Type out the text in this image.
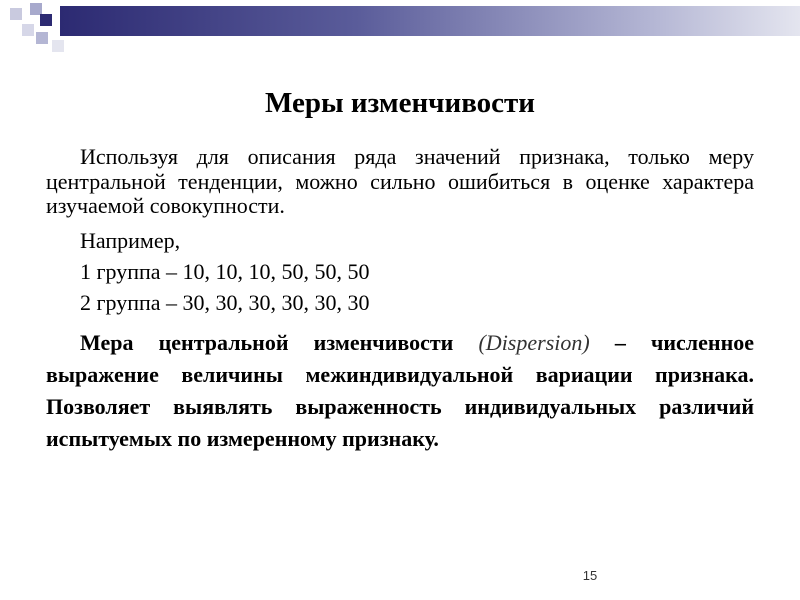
Меры изменчивости

Используя для описания ряда значений признака, только меру центральной тенденции, можно сильно ошибиться в оценке характера изучаемой совокупности.

Например,
1 группа – 10, 10, 10, 50, 50, 50
2 группа – 30, 30, 30, 30, 30, 30
Мера центральной изменчивости (Dispersion) – численное выражение величины межиндивидуальной вариации признака. Позволяет выявлять выраженность индивидуальных различий испытуемых по измеренному признаку.
15
